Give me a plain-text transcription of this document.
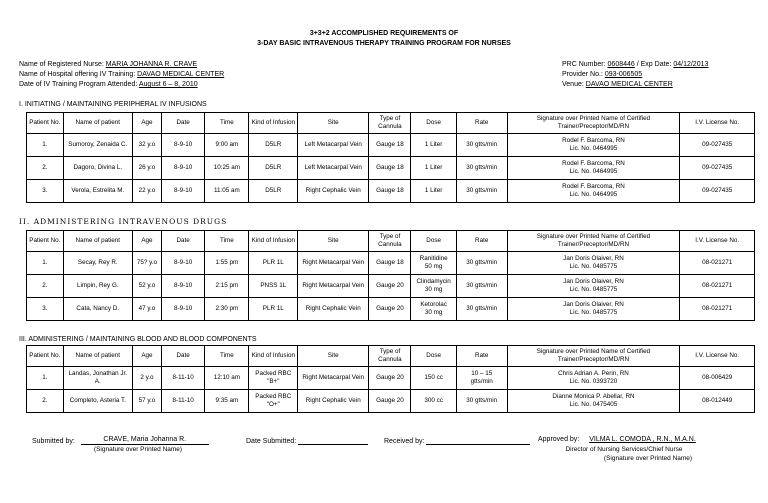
3+3+2 ACCOMPLISHED REQUIREMENTS OF
3-DAY BASIC INTRAVENOUS THERAPY TRAINING PROGRAM FOR NURSES
Name of Registered Nurse: MARIA JOHANNA R. CRAVE
Name of Hospital offering IV Training: DAVAO MEDICAL CENTER
Date of IV Training Program Attended: August 6 – 8, 2010
PRC Number: 0608446 / Exp Date: 04/12/2013
Provider No.: 093-006505
Venue: DAVAO MEDICAL CENTER
I. INITIATING / MAINTAINING PERIPHERAL IV INFUSIONS
Patient No.	Name of patient	Age	Date	Time	Kind of Infusion	Site	Type of Cannula	Dose	Rate	Signature over Printed Name of Certified Trainer/Preceptor/MD/RN	I.V. License No.
1.	Sumoroy, Zenaida C.	32 y.o	8-9-10	9:00 am	D5LR	Left Metacarpal Vein	Gauge 18	1 Liter	30 gtts/min	Rodel F. Barcoma, RN
Lic. No. 0464995	09-027435
2.	Dagoro, Divina L.	26 y.o	8-9-10	10:25 am	D5LR	Left Metacarpal Vein	Gauge 18	1 Liter	30 gtts/min	Rodel F. Barcoma, RN
Lic. No. 0464995	09-027435
3.	Verola, Estrelita M.	22 y.o	8-9-10	11:05 am	D5LR	Right Cephalic Vein	Gauge 18	1 Liter	30 gtts/min	Rodel F. Barcoma, RN
Lic. No. 0464995	09-027435
II. ADMINISTERING INTRAVENOUS DRUGS
Patient No.	Name of patient	Age	Date	Time	Kind of Infusion	Site	Type of Cannula	Dose	Rate	Signature over Printed Name of Certified Trainer/Preceptor/MD/RN	I.V. License No.
1.	Secay, Rey R.	75? y.o	8-9-10	1:55 pm	PLR 1L	Right Metacarpal Vein	Gauge 18	Ranitidine
50 mg	30 gtts/min	Jan Doris Olaiver, RN
Lic. No. 0485775	08-021271
2.	Limpin, Rey G.	52 y.o	8-9-10	2:15 pm	PNSS 1L	Right Metacarpal Vein	Gauge 20	Clindamycin
30 mg	30 gtts/min	Jan Doris Olaiver, RN
Lic. No. 0485775	08-021271
3.	Cata, Nancy D.	47 y.o	8-9-10	2:30 pm	PLR 1L	Right Cephalic Vein	Gauge 20	Ketorolac
30 mg	30 gtts/min	Jan Doris Olaiver, RN
Lic. No. 0485775	08-021271
III. ADMINISTERING / MAINTAINING BLOOD AND BLOOD COMPONENTS
Patient No.	Name of patient	Age	Date	Time	Kind of Infusion	Site	Type of Cannula	Dose	Rate	Signature over Printed Name of Certified Trainer/Preceptor/MD/RN	I.V. License No.
1.	Landas, Jonathan Jr. A.	2 y.o	8-11-10	12:10 am	Packed RBC
"B+"	Right Metacarpal Vein	Gauge 20	150 cc	10 – 15
gtts/min	Chris Adrian A. Perin, RN
Lic. No. 0393720	08-006429
2.	Completo, Asteria T.	57 y.o	8-11-10	9:35 am	Packed RBC
"O+"	Right Cephalic Vein	Gauge 20	300 cc	30 gtts/min	Dianne Monica P. Abellar, RN
Lic. No. 0475405	08-012449
Submitted by:	CRAVE, Maria Johanna R.
(Signature over Printed Name)
Date Submitted:	Received by:	Approved by: VILMA L. COMODA , R.N., M.A.N.
Director of Nursing Services/Chief Nurse
(Signature over Printed Name)
